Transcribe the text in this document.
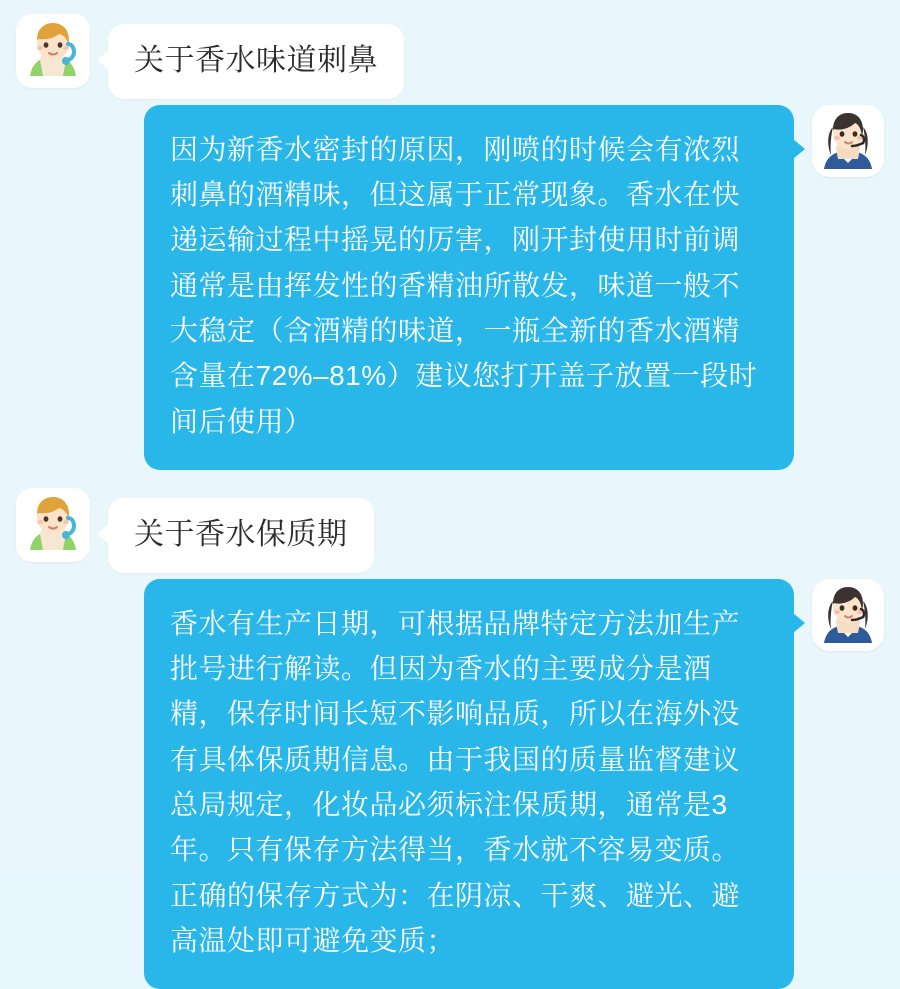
关于香水味道刺鼻
因为新香水密封的原因，刚喷的时候会有浓烈刺鼻的酒精味，但这属于正常现象。香水在快递运输过程中摇晃的厉害，刚开封使用时前调通常是由挥发性的香精油所散发，味道一般不大稳定（含酒精的味道，一瓶全新的香水酒精含量在72%–81%）建议您打开盖子放置一段时间后使用）
关于香水保质期
香水有生产日期，可根据品牌特定方法加生产批号进行解读。但因为香水的主要成分是酒精，保存时间长短不影响品质，所以在海外没有具体保质期信息。由于我国的质量监督建议总局规定，化妆品必须标注保质期，通常是3年。只有保存方法得当，香水就不容易变质。正确的保存方式为：在阴凉、干爽、避光、避高温处即可避免变质；
